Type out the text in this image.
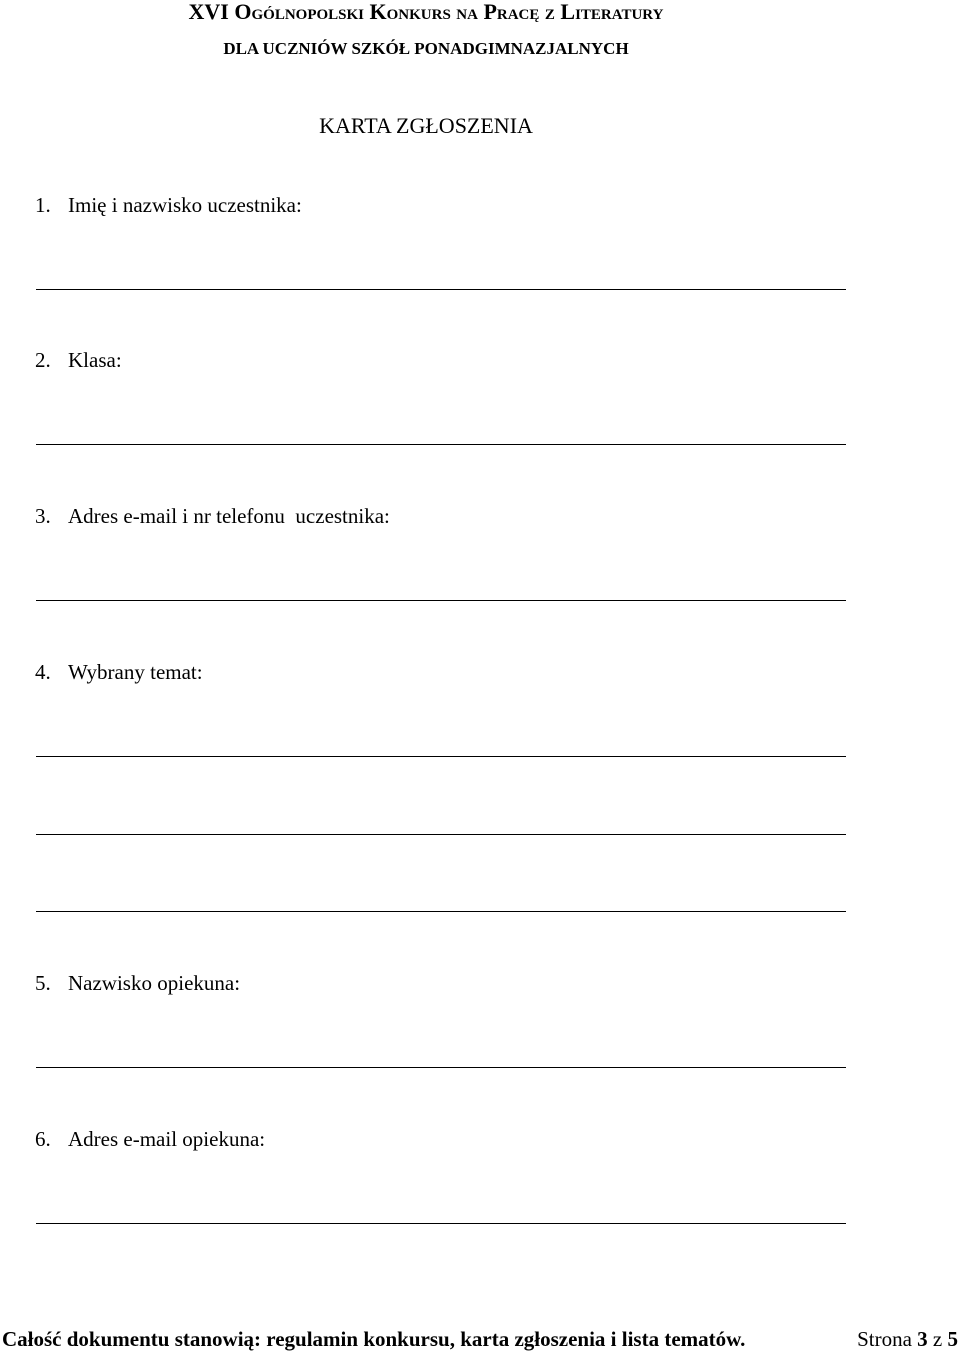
XVI Ogólnopolski Konkurs na Pracę z Literatury
DLA UCZNIÓW SZKÓŁ PONADGIMNAZJALNYCH
KARTA ZGŁOSZENIA
1. Imię i nazwisko uczestnika:
2. Klasa:
3. Adres e-mail i nr telefonu  uczestnika:
4. Wybrany temat:
5. Nazwisko opiekuna:
6. Adres e-mail opiekuna:
Całość dokumentu stanowią: regulamin konkursu, karta zgłoszenia i lista tematów.	Strona 3 z 5
